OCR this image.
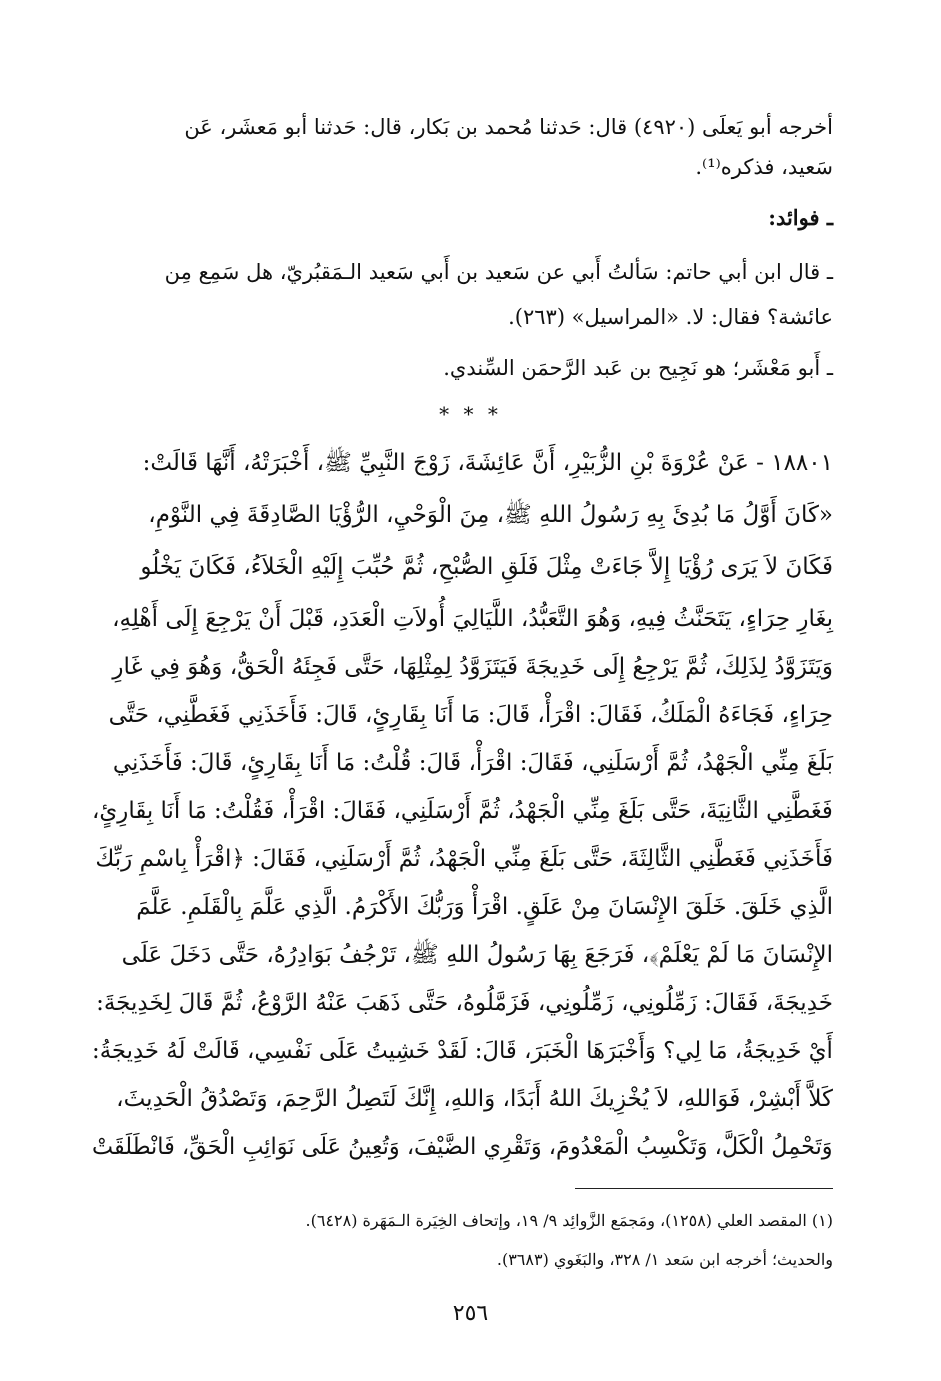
أخرجه أبو يَعلَى (٤٩٢٠) قال: حَدثنا مُحمد بن بَكار، قال: حَدثنا أبو مَعشَر، عَن
سَعيد، فذكره⁽¹⁾.
ـ فوائد:
ـ قال ابن أبي حاتم: سَألتُ أَبي عن سَعيد بن أَبي سَعيد الـمَقبُريّ، هل سَمِع مِن
عائشة؟ فقال: لا. «المراسيل» (٢٦٣).
ـ أَبو مَعْشَر؛ هو نَجِيح بن عَبد الرَّحمَن السِّندي.
* * *
١٨٨٠١ - عَنْ عُرْوَةَ بْنِ الزُّبَيْرِ، أَنَّ عَائِشَةَ، زَوْجَ النَّبِيِّ ﷺ، أَخْبَرَتْهُ، أَنَّهَا قَالَتْ:
«كَانَ أَوَّلُ مَا بُدِئَ بِهِ رَسُولُ اللهِ ﷺ، مِنَ الْوَحْيِ، الرُّؤْيَا الصَّادِقَةَ فِي النَّوْمِ،
فَكَانَ لاَ يَرَى رُؤْيَا إِلاَّ جَاءَتْ مِثْلَ فَلَقِ الصُّبْحِ، ثُمَّ حُبِّبَ إِلَيْهِ الْخَلاَءُ، فَكَانَ يَخْلُو
بِغَارِ حِرَاءٍ، يَتَحَنَّثُ فِيهِ، وَهُوَ التَّعَبُّدُ، اللَّيَالِيَ أُولاَتِ الْعَدَدِ، قَبْلَ أَنْ يَرْجِعَ إِلَى أَهْلِهِ،
وَيَتَزَوَّدُ لِذَلِكَ، ثُمَّ يَرْجِعُ إِلَى خَدِيجَةَ فَيَتَزَوَّدُ لِمِثْلِهَا، حَتَّى فَجِئَهُ الْحَقُّ، وَهُوَ فِي غَارِ
حِرَاءٍ، فَجَاءَهُ الْمَلَكُ، فَقَالَ: اقْرَأْ، قَالَ: مَا أَنَا بِقَارِئٍ، قَالَ: فَأَخَذَنِي فَغَطَّنِي، حَتَّى
بَلَغَ مِنِّي الْجَهْدُ، ثُمَّ أَرْسَلَنِي، فَقَالَ: اقْرَأْ، قَالَ: قُلْتُ: مَا أَنَا بِقَارِئٍ، قَالَ: فَأَخَذَنِي
فَغَطَّنِي الثَّانِيَةَ، حَتَّى بَلَغَ مِنِّي الْجَهْدُ، ثُمَّ أَرْسَلَنِي، فَقَالَ: اقْرَأْ، فَقُلْتُ: مَا أَنَا بِقَارِئٍ،
فَأَخَذَنِي فَغَطَّنِي الثَّالِثَةَ، حَتَّى بَلَغَ مِنِّي الْجَهْدُ، ثُمَّ أَرْسَلَنِي، فَقَالَ: ﴿اقْرَأْ بِاسْمِ رَبِّكَ
الَّذِي خَلَقَ. خَلَقَ الإِنْسَانَ مِنْ عَلَقٍ. اقْرَأْ وَرَبُّكَ الأَكْرَمُ. الَّذِي عَلَّمَ بِالْقَلَمِ. عَلَّمَ
الإِنْسَانَ مَا لَمْ يَعْلَمْ﴾، فَرَجَعَ بِهَا رَسُولُ اللهِ ﷺ، تَرْجُفُ بَوَادِرُهُ، حَتَّى دَخَلَ عَلَى
خَدِيجَةَ، فَقَالَ: زَمِّلُونِي، زَمِّلُونِي، فَزَمَّلُوهُ، حَتَّى ذَهَبَ عَنْهُ الرَّوْعُ، ثُمَّ قَالَ لِخَدِيجَةَ:
أَيْ خَدِيجَةُ، مَا لِي؟ وَأَخْبَرَهَا الْخَبَرَ، قَالَ: لَقَدْ خَشِيتُ عَلَى نَفْسِي، قَالَتْ لَهُ خَدِيجَةُ:
كَلاَّ أَبْشِرْ، فَوَاللهِ، لاَ يُخْزِيكَ اللهُ أَبَدًا، وَاللهِ، إِنَّكَ لَتَصِلُ الرَّحِمَ، وَتَصْدُقُ الْحَدِيثَ،
وَتَحْمِلُ الْكَلَّ، وَتَكْسِبُ الْمَعْدُومَ، وَتَقْرِي الضَّيْفَ، وَتُعِينُ عَلَى نَوَائِبِ الْحَقِّ، فَانْطَلَقَتْ
(١) المقصد العلي (١٢٥٨)، ومَجمَع الزَّوائِد ٩/ ١٩، وإتحاف الخِيَرة الـمَهَرة (٦٤٢٨).
والحديث؛ أخرجه ابن سَعد ١/ ٣٢٨، والبَغَوي (٣٦٨٣).
٢٥٦
